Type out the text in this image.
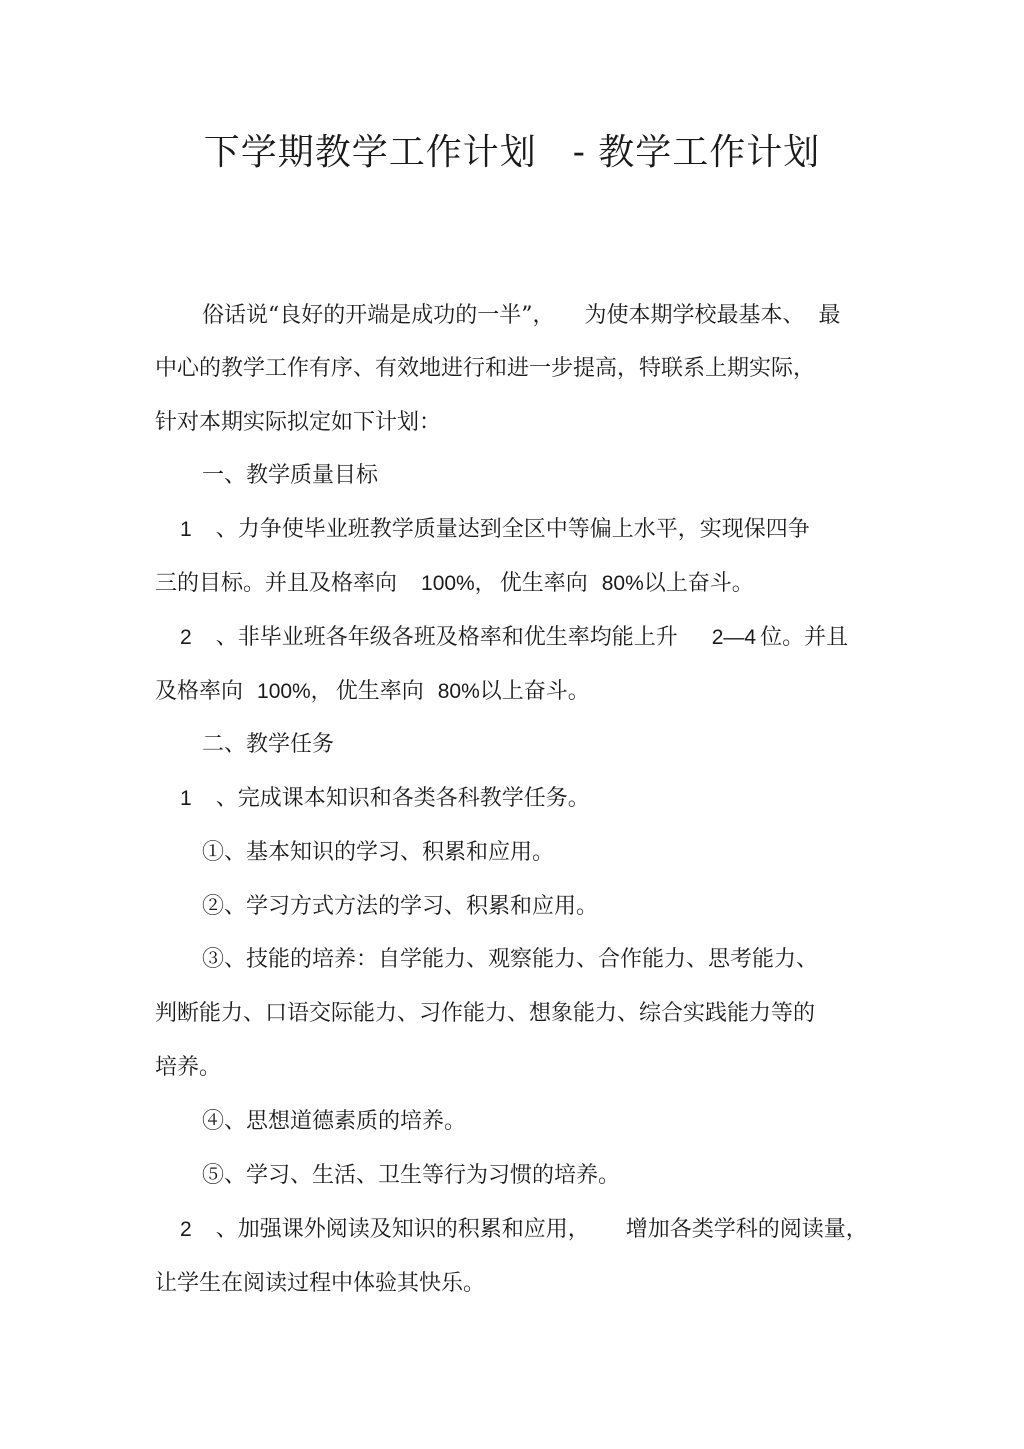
下学期教学工作计划 - 教学工作计划
俗话说“良好的开端是成功的一半”， 为使本期学校最基本、 最
中心的教学工作有序、有效地进行和进一步提高，特联系上期实际，
针对本期实际拟定如下计划：
一、教学质量目标
1 、力争使毕业班教学质量达到全区中等偏上水平，实现保四争
三的目标。并且及格率向 100%， 优生率向 80%以上奋斗。
2 、非毕业班各年级各班及格率和优生率均能上升 2—4 位。并且
及格率向 100%， 优生率向 80%以上奋斗。
二、教学任务
1 、完成课本知识和各类各科教学任务。
①、基本知识的学习、积累和应用。
②、学习方式方法的学习、积累和应用。
③、技能的培养：自学能力、观察能力、合作能力、思考能力、
判断能力、口语交际能力、习作能力、想象能力、综合实践能力等的
培养。
④、思想道德素质的培养。
⑤、学习、生活、卫生等行为习惯的培养。
2 、加强课外阅读及知识的积累和应用， 增加各类学科的阅读量，
让学生在阅读过程中体验其快乐。
